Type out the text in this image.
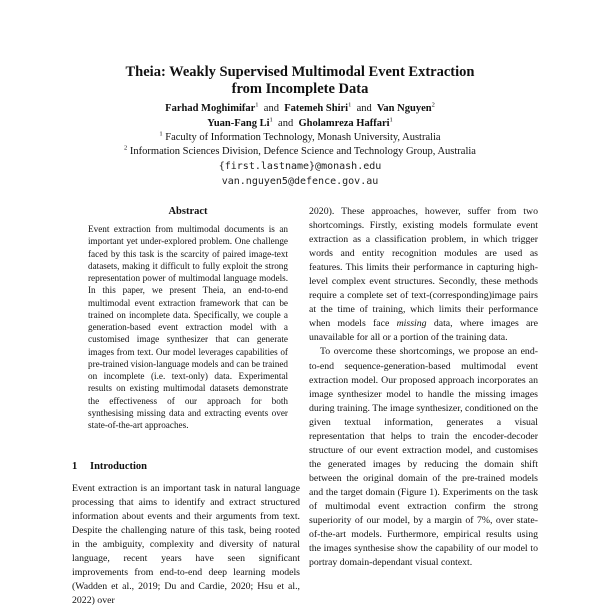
Theia: Weakly Supervised Multimodal Event Extraction
from Incomplete Data
Farhad Moghimifar$^1$ and Fatemeh Shiri$^1$ and Van Nguyen$^2$
Yuan-Fang Li$^1$ and Gholamreza Haffari$^1$
$^1$ Faculty of Information Technology, Monash University, Australia
$^2$ Information Sciences Division, Defence Science and Technology Group, Australia
{first.lastname}@monash.edu
van.nguyen5@defence.gov.au
Abstract

Event extraction from multimodal documents is an important yet under-explored problem. One challenge faced by this task is the scarcity of paired image-text datasets, making it difficult to fully exploit the strong representation power of multimodal language models. In this paper, we present Theia, an end-to-end multimodal event extraction framework that can be trained on incomplete data. Specifically, we couple a generation-based event extraction model with a customised image synthesizer that can generate images from text. Our model leverages capabilities of pre-trained vision-language models and can be trained on incomplete (i.e. text-only) data. Experimental results on existing multimodal datasets demonstrate the effectiveness of our approach for both synthesising missing data and extracting events over state-of-the-art approaches.

1 Introduction

Event extraction is an important task in natural language processing that aims to identify and extract structured information about events and their arguments from text. Despite the challenging nature of this task, being rooted in the ambiguity, complexity and diversity of natural language, recent years have seen significant improvements from end-to-end deep learning models (Wadden et al., 2019; Du and Cardie, 2020; Hsu et al., 2022) over

2020). These approaches, however, suffer from two shortcomings. Firstly, existing models formulate event extraction as a classification problem, in which trigger words and entity recognition modules are used as features. This limits their performance in capturing high-level complex event structures. Secondly, these methods require a complete set of text-(corresponding)image pairs at the time of training, which limits their performance when models face missing data, where images are unavailable for all or a portion of the training data.

To overcome these shortcomings, we propose an end-to-end sequence-generation-based multimodal event extraction model. Our proposed approach incorporates an image synthesizer model to handle the missing images during training. The image synthesizer, conditioned on the given textual information, generates a visual representation that helps to train the encoder-decoder structure of our event extraction model, and customises the generated images by reducing the domain shift between the original domain of the pre-trained models and the target domain (Figure 1). Experiments on the task of multimodal event extraction confirm the strong superiority of our model, by a margin of 7%, over state-of-the-art models. Furthermore, empirical results using the images synthesise show the capability of our model to portray domain-dependant visual context.
